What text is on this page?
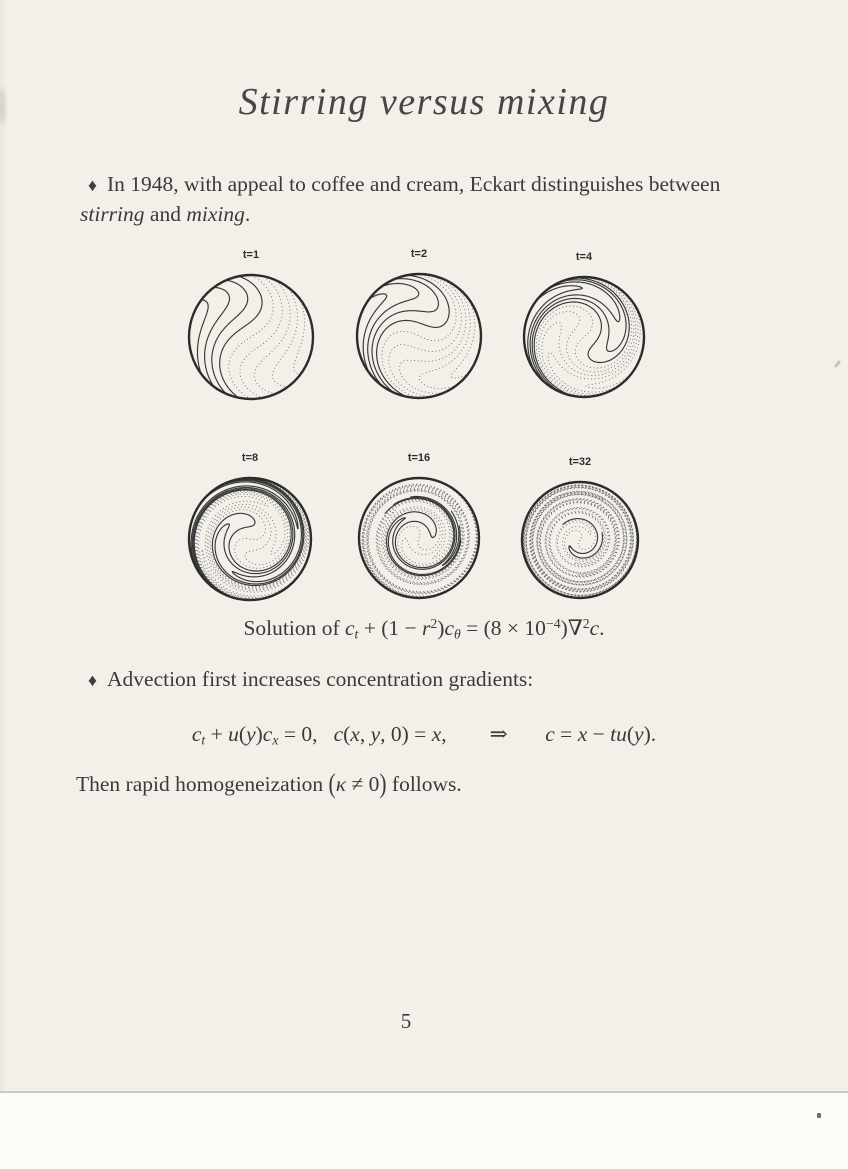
Stirring versus mixing

♦ In 1948, with appeal to coffee and cream, Eckart distinguishes between
stirring and mixing.

t=1	t=2	t=4
t=8	t=16	t=32

Solution of $c_t + (1 - r^2)c_\theta = (8 \times 10^{-4})\nabla^2c$.

♦ Advection first increases concentration gradients:

$c_t + u(y)c_x = 0$,  c(x, y, 0) = x,  ⇒   c = x − tu(y).

Then rapid homogeneization (κ ≠ 0) follows.

5
